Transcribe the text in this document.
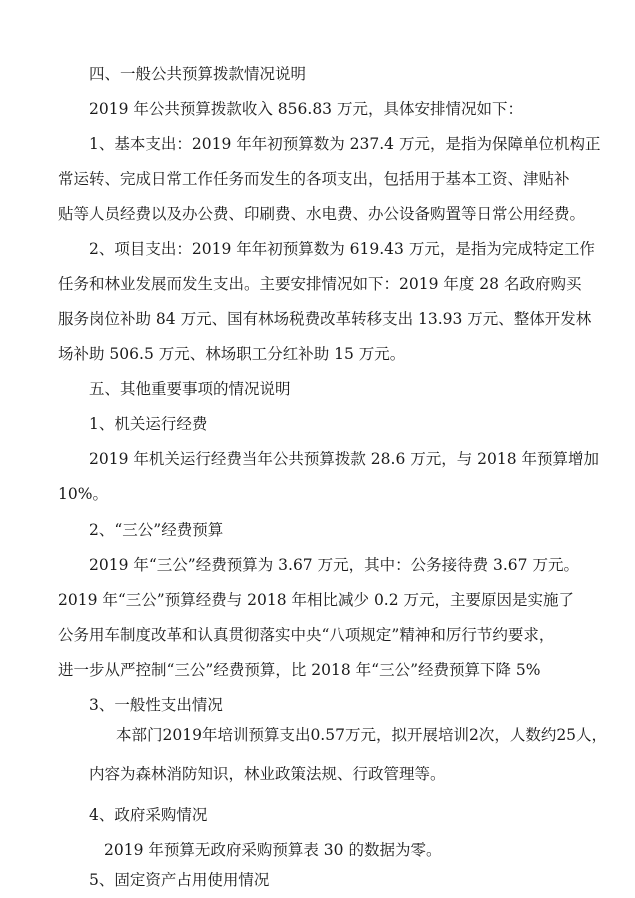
四、一般公共预算拨款情况说明
2019 年公共预算拨款收入 856.83 万元，具体安排情况如下：
1、基本支出：2019 年年初预算数为 237.4 万元，是指为保障单位机构正
常运转、完成日常工作任务而发生的各项支出，包括用于基本工资、津贴补
贴等人员经费以及办公费、印刷费、水电费、办公设备购置等日常公用经费。
2、项目支出：2019 年年初预算数为 619.43 万元，是指为完成特定工作
任务和林业发展而发生支出。主要安排情况如下：2019 年度 28 名政府购买
服务岗位补助 84 万元、国有林场税费改革转移支出 13.93 万元、整体开发林
场补助 506.5 万元、林场职工分红补助 15 万元。
五、其他重要事项的情况说明
1、机关运行经费
2019 年机关运行经费当年公共预算拨款 28.6 万元，与 2018 年预算增加
10%。
2、“三公”经费预算
2019 年“三公”经费预算为 3.67 万元，其中：公务接待费 3.67 万元。
2019 年“三公”预算经费与 2018 年相比减少 0.2 万元，主要原因是实施了
公务用车制度改革和认真贯彻落实中央“八项规定”精神和厉行节约要求，
进一步从严控制“三公”经费预算，比 2018 年“三公”经费预算下降 5%
3、一般性支出情况
本部门2019年培训预算支出0.57万元，拟开展培训2次，人数约25人，
内容为森林消防知识，林业政策法规、行政管理等。
4、政府采购情况
2019 年预算无政府采购预算表 30 的数据为零。
5、固定资产占用使用情况
